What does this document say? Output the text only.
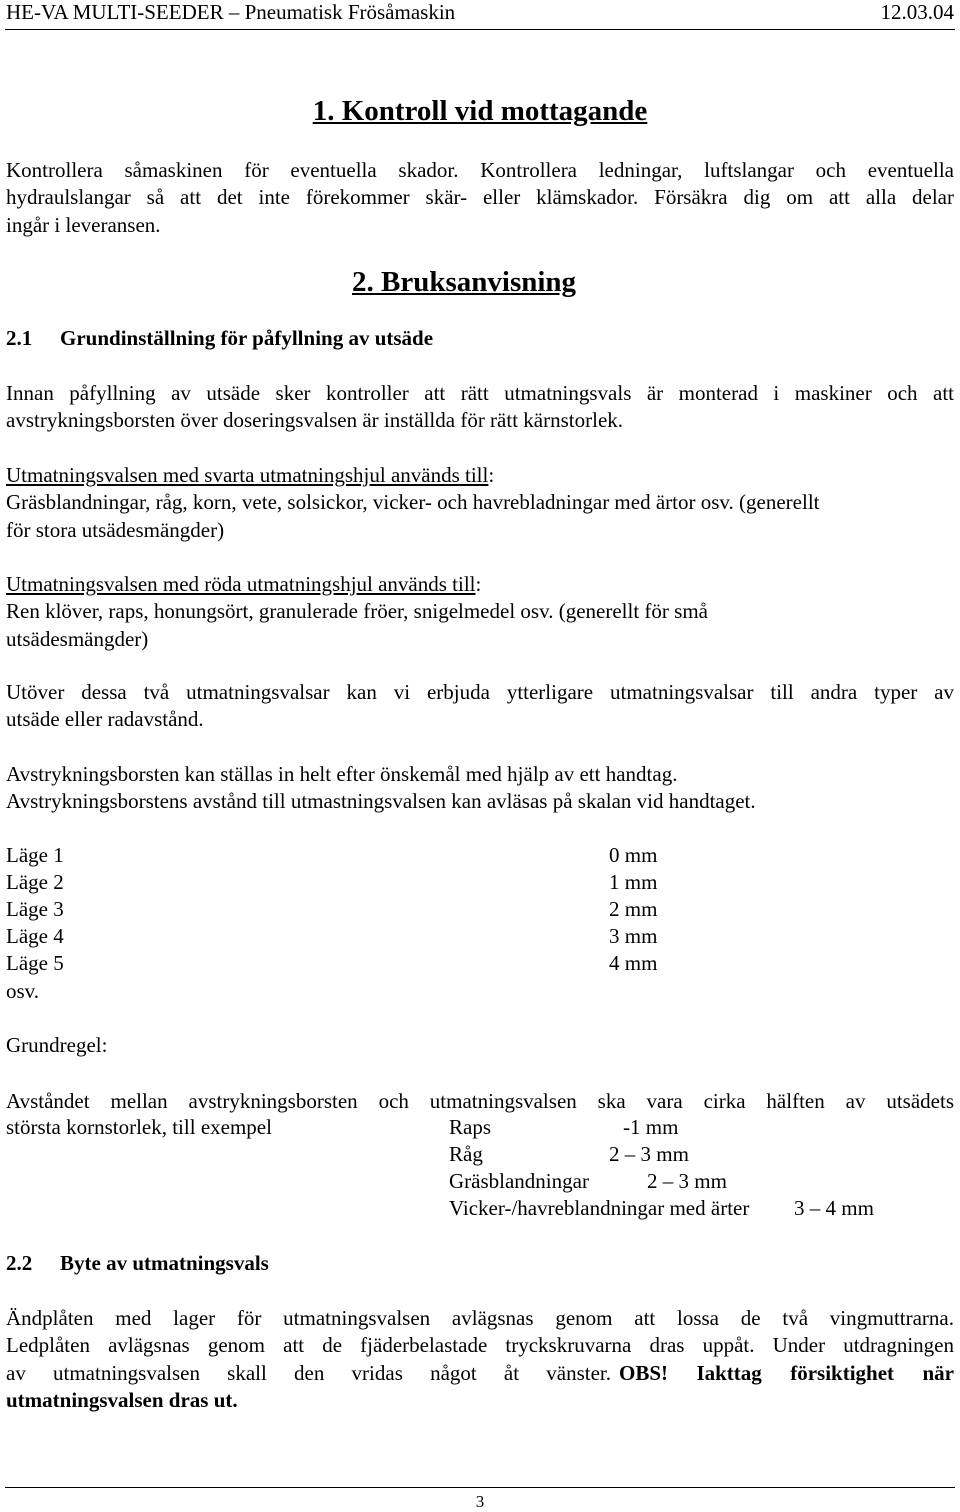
HE-VA MULTI-SEEDER – Pneumatisk Frösåmaskin	12.03.04
1. Kontroll vid mottagande
Kontrollera såmaskinen för eventuella skador. Kontrollera ledningar, luftslangar och eventuella
hydraulslangar så att det inte förekommer skär- eller klämskador. Försäkra dig om att alla delar
ingår i leveransen.
2. Bruksanvisning
2.1 Grundinställning för påfyllning av utsäde
Innan påfyllning av utsäde sker kontroller att rätt utmatningsvals är monterad i maskiner och att
avstrykningsborsten över doseringsvalsen är inställda för rätt kärnstorlek.
Utmatningsvalsen med svarta utmatningshjul används till:
Gräsblandningar, råg, korn, vete, solsickor, vicker- och havrebladningar med ärtor osv. (generellt
för stora utsädesmängder)
Utmatningsvalsen med röda utmatningshjul används till:
Ren klöver, raps, honungsört, granulerade fröer, snigelmedel osv. (generellt för små
utsädesmängder)
Utöver dessa två utmatningsvalsar kan vi erbjuda ytterligare utmatningsvalsar till andra typer av
utsäde eller radavstånd.
Avstrykningsborsten kan ställas in helt efter önskemål med hjälp av ett handtag.
Avstrykningsborstens avstånd till utmastningsvalsen kan avläsas på skalan vid handtaget.
Läge 1	0 mm
Läge 2	1 mm
Läge 3	2 mm
Läge 4	3 mm
Läge 5	4 mm
osv.
Grundregel:
Avståndet mellan avstrykningsborsten och utmatningsvalsen ska vara cirka hälften av utsädets
största kornstorlek, till exempel	Raps	-1 mm
Råg	2 – 3 mm
Gräsblandningar	2 – 3 mm
Vicker-/havreblandningar med ärter 3 – 4 mm
2.2 Byte av utmatningsvals
Ändplåten med lager för utmatningsvalsen avlägsnas genom att lossa de två vingmuttrarna.
Ledplåten avlägsnas genom att de fjäderbelastade tryckskruvarna dras uppåt. Under utdragningen
av utmatningsvalsen skall den vridas något åt vänster. OBS! Iakttag försiktighet när
utmatningsvalsen dras ut.
3
